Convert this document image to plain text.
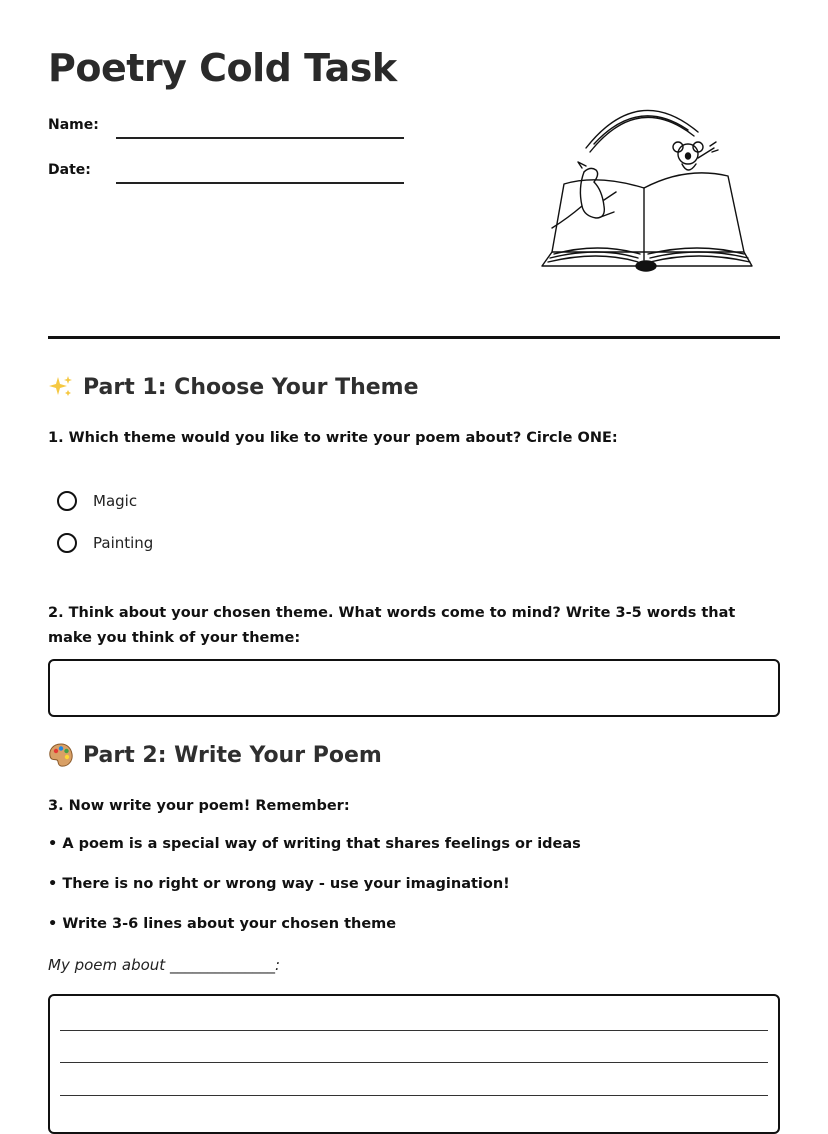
Poetry Cold Task
Name:
Date:
Part 1: Choose Your Theme
1. Which theme would you like to write your poem about? Circle ONE:
Magic
Painting
2. Think about your chosen theme. What words come to mind? Write 3-5 words that make you think of your theme:
Part 2: Write Your Poem
3. Now write your poem! Remember:
• A poem is a special way of writing that shares feelings or ideas
• There is no right or wrong way - use your imagination!
• Write 3-6 lines about your chosen theme
My poem about ______________:
